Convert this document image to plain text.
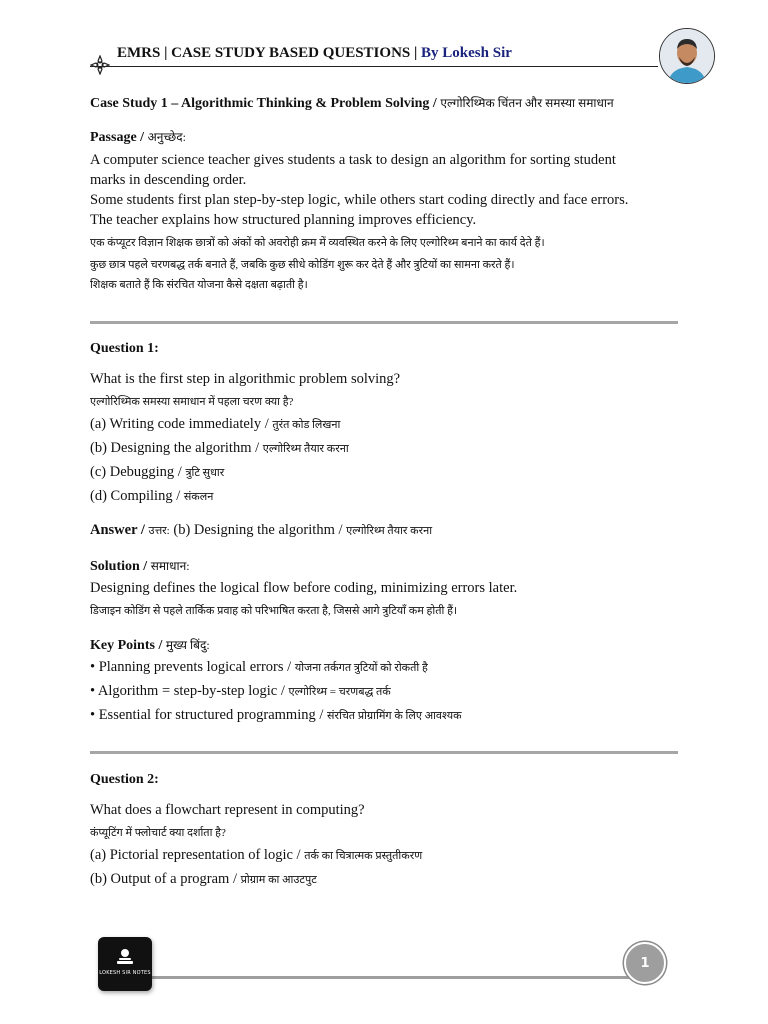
EMRS | CASE STUDY BASED QUESTIONS | By Lokesh Sir
Case Study 1 – Algorithmic Thinking & Problem Solving / एल्गोरिथ्मिक चिंतन और समस्या समाधान
Passage / अनुच्छेद:
A computer science teacher gives students a task to design an algorithm for sorting student
marks in descending order.
Some students first plan step-by-step logic, while others start coding directly and face errors.
The teacher explains how structured planning improves efficiency.
एक कंप्यूटर विज्ञान शिक्षक छात्रों को अंकों को अवरोही क्रम में व्यवस्थित करने के लिए एल्गोरिथ्म बनाने का कार्य देते हैं।
कुछ छात्र पहले चरणबद्ध तर्क बनाते हैं, जबकि कुछ सीधे कोडिंग शुरू कर देते हैं और त्रुटियों का सामना करते हैं।
शिक्षक बताते हैं कि संरचित योजना कैसे दक्षता बढ़ाती है।
Question 1:
What is the first step in algorithmic problem solving?
एल्गोरिथ्मिक समस्या समाधान में पहला चरण क्या है?
(a) Writing code immediately / तुरंत कोड लिखना
(b) Designing the algorithm / एल्गोरिथ्म तैयार करना
(c) Debugging / त्रुटि सुधार
(d) Compiling / संकलन
Answer / उत्तर: (b) Designing the algorithm / एल्गोरिथ्म तैयार करना
Solution / समाधान:
Designing defines the logical flow before coding, minimizing errors later.
डिजाइन कोडिंग से पहले तार्किक प्रवाह को परिभाषित करता है, जिससे आगे त्रुटियाँ कम होती हैं।
Key Points / मुख्य बिंदु:
• Planning prevents logical errors / योजना तर्कगत त्रुटियों को रोकती है
• Algorithm = step-by-step logic / एल्गोरिथ्म = चरणबद्ध तर्क
• Essential for structured programming / संरचित प्रोग्रामिंग के लिए आवश्यक
Question 2:
What does a flowchart represent in computing?
कंप्यूटिंग में फ्लोचार्ट क्या दर्शाता है?
(a) Pictorial representation of logic / तर्क का चित्रात्मक प्रस्तुतीकरण
(b) Output of a program / प्रोग्राम का आउटपुट
LOKESH SIR NOTES
1
